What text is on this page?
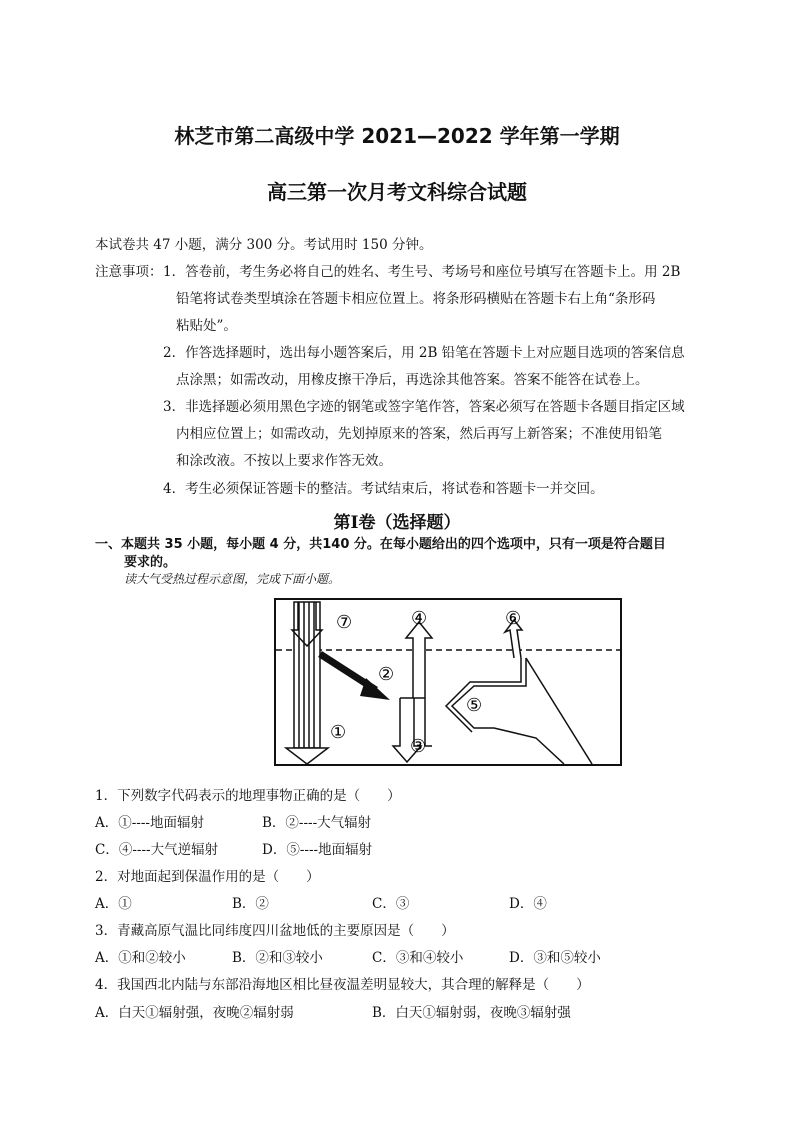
林芝市第二高级中学 2021—2022 学年第一学期
高三第一次月考文科综合试题
本试卷共 47 小题，满分 300 分。考试用时 150 分钟。
注意事项： 1．答卷前，考生务必将自己的姓名、考生号、考场号和座位号填写在答题卡上。用 2B
铅笔将试卷类型填涂在答题卡相应位置上。将条形码横贴在答题卡右上角“条形码
粘贴处”。
2．作答选择题时，选出每小题答案后，用 2B 铅笔在答题卡上对应题目选项的答案信息
点涂黑；如需改动，用橡皮擦干净后，再选涂其他答案。答案不能答在试卷上。
3．非选择题必须用黑色字迹的钢笔或签字笔作答，答案必须写在答题卡各题目指定区域
内相应位置上；如需改动，先划掉原来的答案，然后再写上新答案；不准使用铅笔
和涂改液。不按以上要求作答无效。
4．考生必须保证答题卡的整洁。考试结束后，将试卷和答题卡一并交回。
第Ⅰ卷（选择题）
一、本题共 35 小题，每小题 4 分，共140 分。在每小题给出的四个选项中，只有一项是符合题目
要求的。
读大气受热过程示意图，完成下面小题。
⑦	④	⑥
②
⑤
①
③
1．下列数字代码表示的地理事物正确的是（　　）
A．①----地面辐射	B．②----大气辐射
C．④----大气逆辐射	D．⑤----地面辐射
2．对地面起到保温作用的是（　　）
A．①	B．②	C．③	D．④
3．青藏高原气温比同纬度四川盆地低的主要原因是（　　）
A．①和②较小	B．②和③较小	C．③和④较小	D．③和⑤较小
4．我国西北内陆与东部沿海地区相比昼夜温差明显较大，其合理的解释是（　　）
A．白天①辐射强，夜晚②辐射弱	B．白天①辐射弱，夜晚③辐射强
